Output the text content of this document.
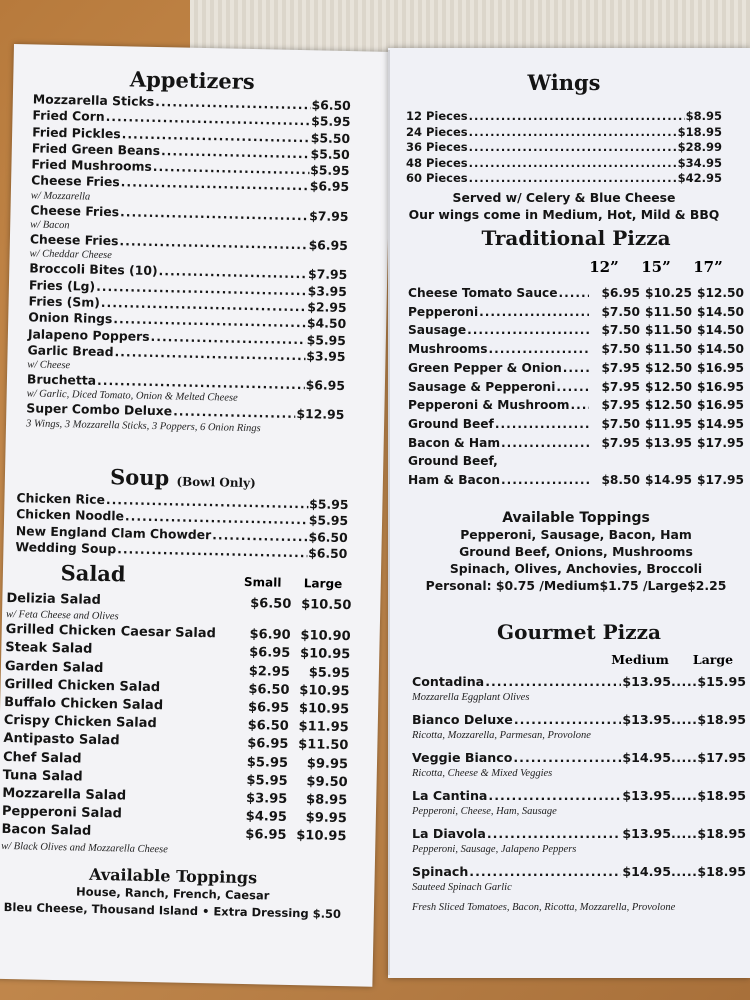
Appetizers
Mozzarella Sticks .....	$6.50
Fried Corn .....	$5.95
Fried Pickles .....	$5.50
Fried Green Beans .....	$5.50
Fried Mushrooms .....	$5.95
Cheese Fries .....	$6.95
w/ Mozzarella
Cheese Fries .....	$7.95
w/ Bacon
Cheese Fries .....	$6.95
w/ Cheddar Cheese
Broccoli Bites (10) .....	$7.95
Fries (Lg) .....	$3.95
Fries (Sm) .....	$2.95
Onion Rings .....	$4.50
Jalapeno Poppers .....	$5.95
Garlic Bread .....	$3.95
w/ Cheese
Bruchetta .....	$6.95
w/ Garlic, Diced Tomato, Onion & Melted Cheese
Super Combo Deluxe .....	$12.95
3 Wings, 3 Mozzarella Sticks, 3 Poppers, 6 Onion Rings
Soup (Bowl Only)
Chicken Rice .....	$5.95
Chicken Noodle .....	$5.95
New England Clam Chowder .....	$6.50
Wedding Soup .....	$6.50
Salad	Small	Large
Delizia Salad	$6.50 $10.50
w/ Feta Cheese and Olives
Grilled Chicken Caesar Salad	$6.90 $10.90
Steak Salad	$6.95 $10.95
Garden Salad	$2.95	$5.95
Grilled Chicken Salad	$6.50 $10.95
Buffalo Chicken Salad	$6.95 $10.95
Crispy Chicken Salad	$6.50 $11.95
Antipasto Salad	$6.95 $11.50
Chef Salad	$5.95	$9.95
Tuna Salad	$5.95	$9.50
Mozzarella Salad	$3.95	$8.95
Pepperoni Salad	$4.95	$9.95
Bacon Salad	$6.95 $10.95
w/ Black Olives and Mozzarella Cheese
Available Toppings
House, Ranch, French, Caesar
Bleu Cheese, Thousand Island • Extra Dressing $.50
Wings
12 Pieces .....	$8.95
24 Pieces .....	$18.95
36 Pieces .....	$28.99
48 Pieces .....	$34.95
60 Pieces .....	$42.95
Served w/ Celery & Blue Cheese
Our wings come in Medium, Hot, Mild & BBQ
Traditional Pizza
12”	15”	17”
Cheese Tomato Sauce .....	$6.95 $10.25 $12.50
Pepperoni .....	$7.50 $11.50 $14.50
Sausage .....	$7.50 $11.50 $14.50
Mushrooms .....	$7.50 $11.50 $14.50
Green Pepper & Onion .....	$7.95 $12.50 $16.95
Sausage & Pepperoni .....	$7.95 $12.50 $16.95
Pepperoni & Mushroom .....	$7.95 $12.50 $16.95
Ground Beef .....	$7.50 $11.95 $14.95
Bacon & Ham .....	$7.95 $13.95 $17.95
Ground Beef,
Ham & Bacon .....	$8.50 $14.95 $17.95
Available Toppings
Pepperoni, Sausage, Bacon, Ham
Ground Beef, Onions, Mushrooms
Spinach, Olives, Anchovies, Broccoli
Personal: $0.75 /Medium$1.75 /Large$2.25
Gourmet Pizza
Medium	Large
Contadina .....	$13.95 ..... $15.95
Mozzarella Eggplant Olives
Bianco Deluxe .....	$13.95 ..... $18.95
Ricotta, Mozzarella, Parmesan, Provolone
Veggie Bianco .....	$14.95 ..... $17.95
Ricotta, Cheese & Mixed Veggies
La Cantina .....	$13.95 ..... $18.95
Pepperoni, Cheese, Ham, Sausage
La Diavola .....	$13.95 ..... $18.95
Pepperoni, Sausage, Jalapeno Peppers
Spinach .....	$14.95 ..... $18.95
Sauteed Spinach Garlic
Fresh Sliced Tomatoes, Bacon, Ricotta, Mozzarella, Provolone
